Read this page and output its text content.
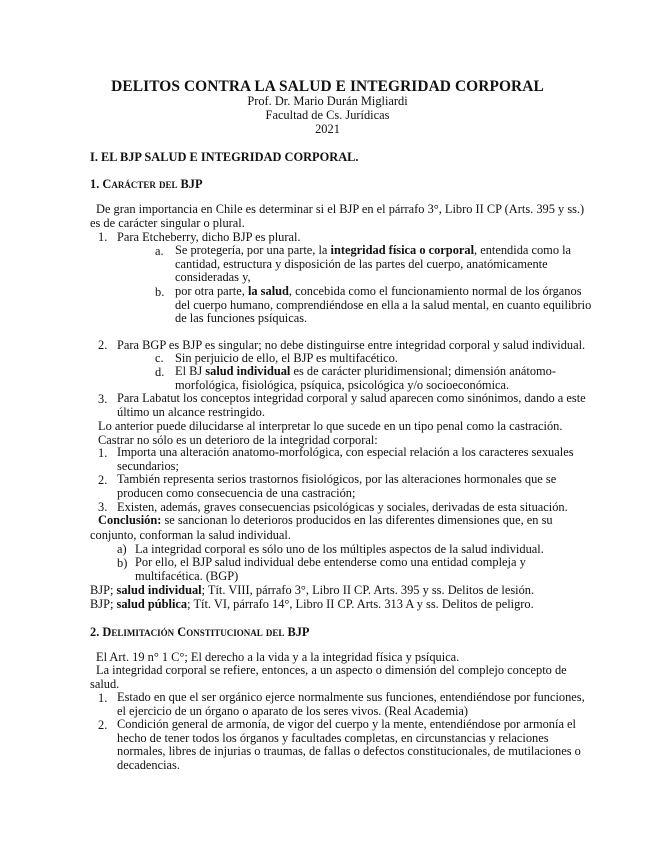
DELITOS CONTRA LA SALUD E INTEGRIDAD CORPORAL
Prof. Dr. Mario Durán Migliardi
Facultad de Cs. Jurídicas
2021
I. EL BJP SALUD E INTEGRIDAD CORPORAL.
1. Carácter del BJP
De gran importancia en Chile es determinar si el BJP en el párrafo 3°, Libro II CP (Arts. 395 y ss.)
es de carácter singular o plural.
1. Para Etcheberry, dicho BJP es plural.
a. Se protegería, por una parte, la integridad física o corporal, entendida como la
cantidad, estructura y disposición de las partes del cuerpo, anatómicamente
consideradas y,
b. por otra parte, la salud, concebida como el funcionamiento normal de los órganos
del cuerpo humano, comprendiéndose en ella a la salud mental, en cuanto equilibrio
de las funciones psíquicas.
2. Para BGP es BJP es singular; no debe distinguirse entre integridad corporal y salud individual.
c. Sin perjuicio de ello, el BJP es multifacético.
d. El BJ salud individual es de carácter pluridimensional; dimensión anátomo-
morfológica, fisiológica, psíquica, psicológica y/o socioeconómica.
3. Para Labatut los conceptos integridad corporal y salud aparecen como sinónimos, dando a este
último un alcance restringido.
Lo anterior puede dilucidarse al interpretar lo que sucede en un tipo penal como la castración.
Castrar no sólo es un deterioro de la integridad corporal:
1. Importa una alteración anatomo-morfológica, con especial relación a los caracteres sexuales
secundarios;
2. También representa serios trastornos fisiológicos, por las alteraciones hormonales que se
producen como consecuencia de una castración;
3. Existen, además, graves consecuencias psicológicas y sociales, derivadas de esta situación.
Conclusión: se sancionan lo deterioros producidos en las diferentes dimensiones que, en su
conjunto, conforman la salud individual.
a) La integridad corporal es sólo uno de los múltiples aspectos de la salud individual.
b) Por ello, el BJP salud individual debe entenderse como una entidad compleja y
multifacética. (BGP)
BJP; salud individual; Tít. VIII, párrafo 3°, Libro II CP. Arts. 395 y ss. Delitos de lesión.
BJP; salud pública; Tít. VI, párrafo 14°, Libro II CP. Arts. 313 A y ss. Delitos de peligro.
2. Delimitación Constitucional del BJP
El Art. 19 n° 1 C°; El derecho a la vida y a la integridad física y psíquica.
La integridad corporal se refiere, entonces, a un aspecto o dimensión del complejo concepto de
salud.
1. Estado en que el ser orgánico ejerce normalmente sus funciones, entendiéndose por funciones,
el ejercicio de un órgano o aparato de los seres vivos. (Real Academia)
2. Condición general de armonía, de vigor del cuerpo y la mente, entendiéndose por armonía el
hecho de tener todos los órganos y facultades completas, en circunstancias y relaciones
normales, libres de injurias o traumas, de fallas o defectos constitucionales, de mutilaciones o
decadencias.
